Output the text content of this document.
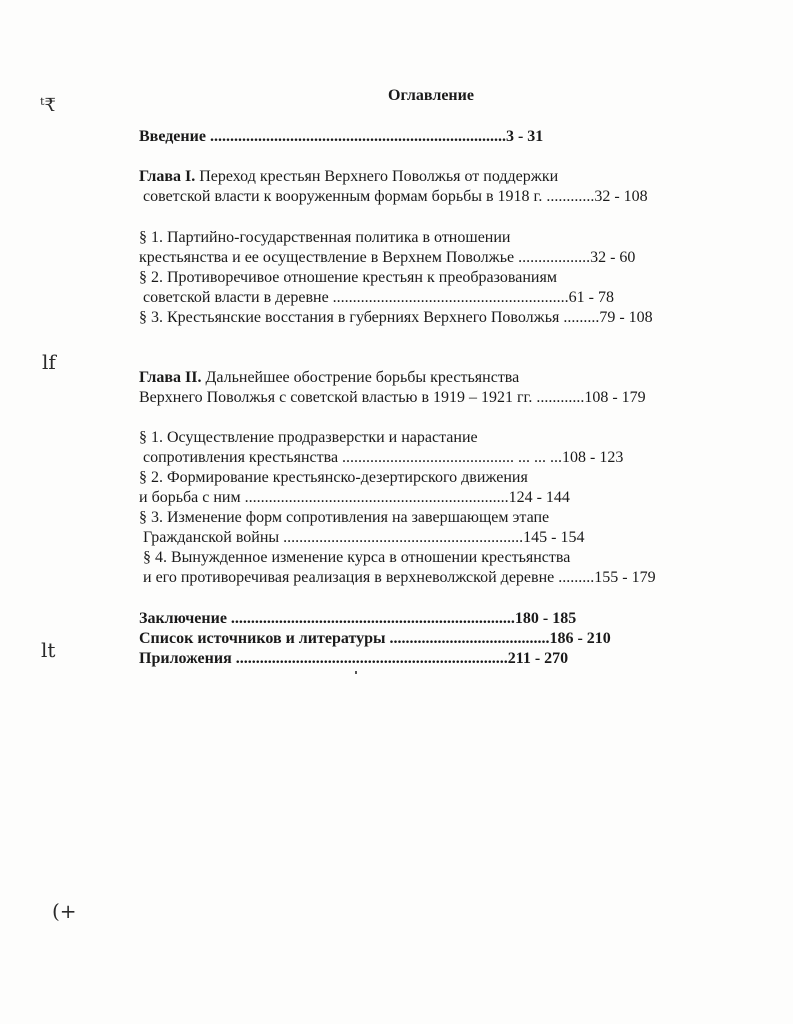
Оглавление
Введение ..........................................................................3 - 31
Глава I. Переход крестьян Верхнего Поволжья от поддержки
советской власти к вооруженным формам борьбы в 1918 г. ............32 - 108
§ 1. Партийно-государственная политика в отношении
крестьянства и ее осуществление в Верхнем Поволжье ..................32 - 60
§ 2. Противоречивое отношение крестьян к преобразованиям
советской власти в деревне ...........................................................61 - 78
§ 3. Крестьянские восстания в губерниях Верхнего Поволжья .........79 - 108
Глава II. Дальнейшее обострение борьбы крестьянства
Верхнего Поволжья с советской властью в 1919 – 1921 гг. ............108 - 179
§ 1. Осуществление продразверстки и нарастание
сопротивления крестьянства ........................................... ... ... ...108 - 123
§ 2. Формирование крестьянско-дезертирского движения
и борьба с ним ..................................................................124 - 144
§ 3. Изменение форм сопротивления на завершающем этапе
Гражданской войны ............................................................145 - 154
§ 4. Вынужденное изменение курса в отношении крестьянства
и его противоречивая реализация в верхневолжской деревне .........155 - 179
Заключение .......................................................................180 - 185
Список источников и литературы ........................................186 - 210
Приложения ....................................................................211 - 270
ᵗ₹
lf
lt
(+
